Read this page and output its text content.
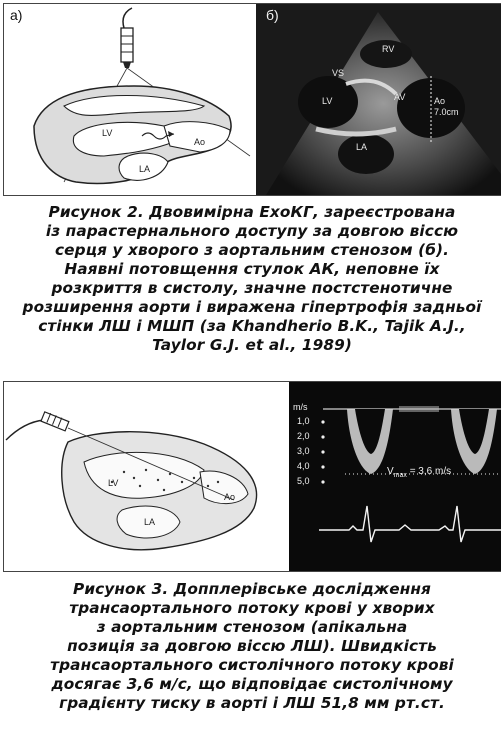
а)
LV
LA
Ao
б)
RV
VS
LV	AV
LA
Ao
7.0cm
Рисунок 2. Двовимірна ЕхоКГ, зареєстрована
із парастернального доступу за довгою віссю
серця у хворого з аортальним стенозом (б).
Наявні потовщення стулок АК, неповне їх
розкриття в систолу, значне постстенотичне
розширення аорти і виражена гіпертрофія задньої
стінки ЛШ і МШП (за Khandherio B.K., Tajik A.J.,
Taylor G.J. et al., 1989)
LV
LA
Ao
m/s
1,0
2,0
3,0
4,0
5,0
$V_{max} = 3,6$ m/s
Рисунок 3. Допплерівське дослідження
трансаортального потоку крові у хворих
з аортальним стенозом (апікальна
позиція за довгою віссю ЛШ). Швидкість
трансаортального систолічного потоку крові
досягає 3,6 м/с, що відповідає систолічному
градієнту тиску в аорті і ЛШ 51,8 мм рт.ст.
